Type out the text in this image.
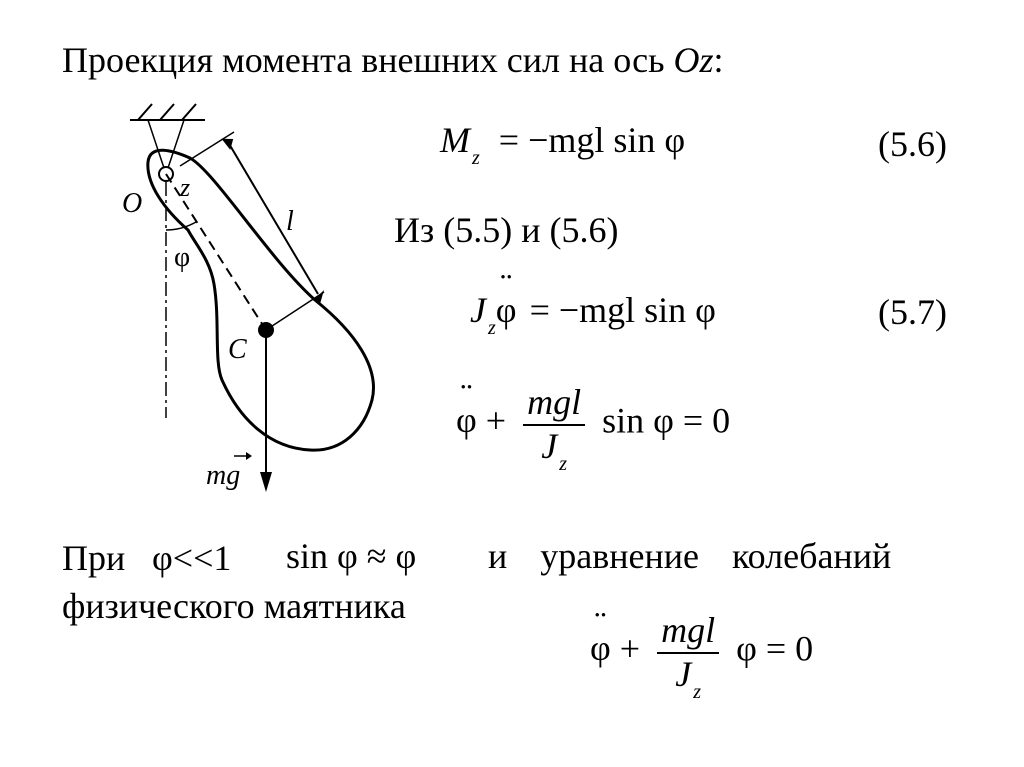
Проекция момента внешних сил на ось Oz:
O
z
l
φ
C
mg
M $_z$ = −mgl sin φ	(5.6)
Из (5.5) и (5.6)
J $_z$¨ φ = −mgl sin φ	(5.7)
¨ $\varphi + \frac{\text{mgl}}{J _z}$ sin φ = 0
При φ<<1 sin φ ≈ φ и уравнение колебаний
физического маятника
¨ $\varphi + \frac{\text{mgl}}{J _z}$ φ = 0
